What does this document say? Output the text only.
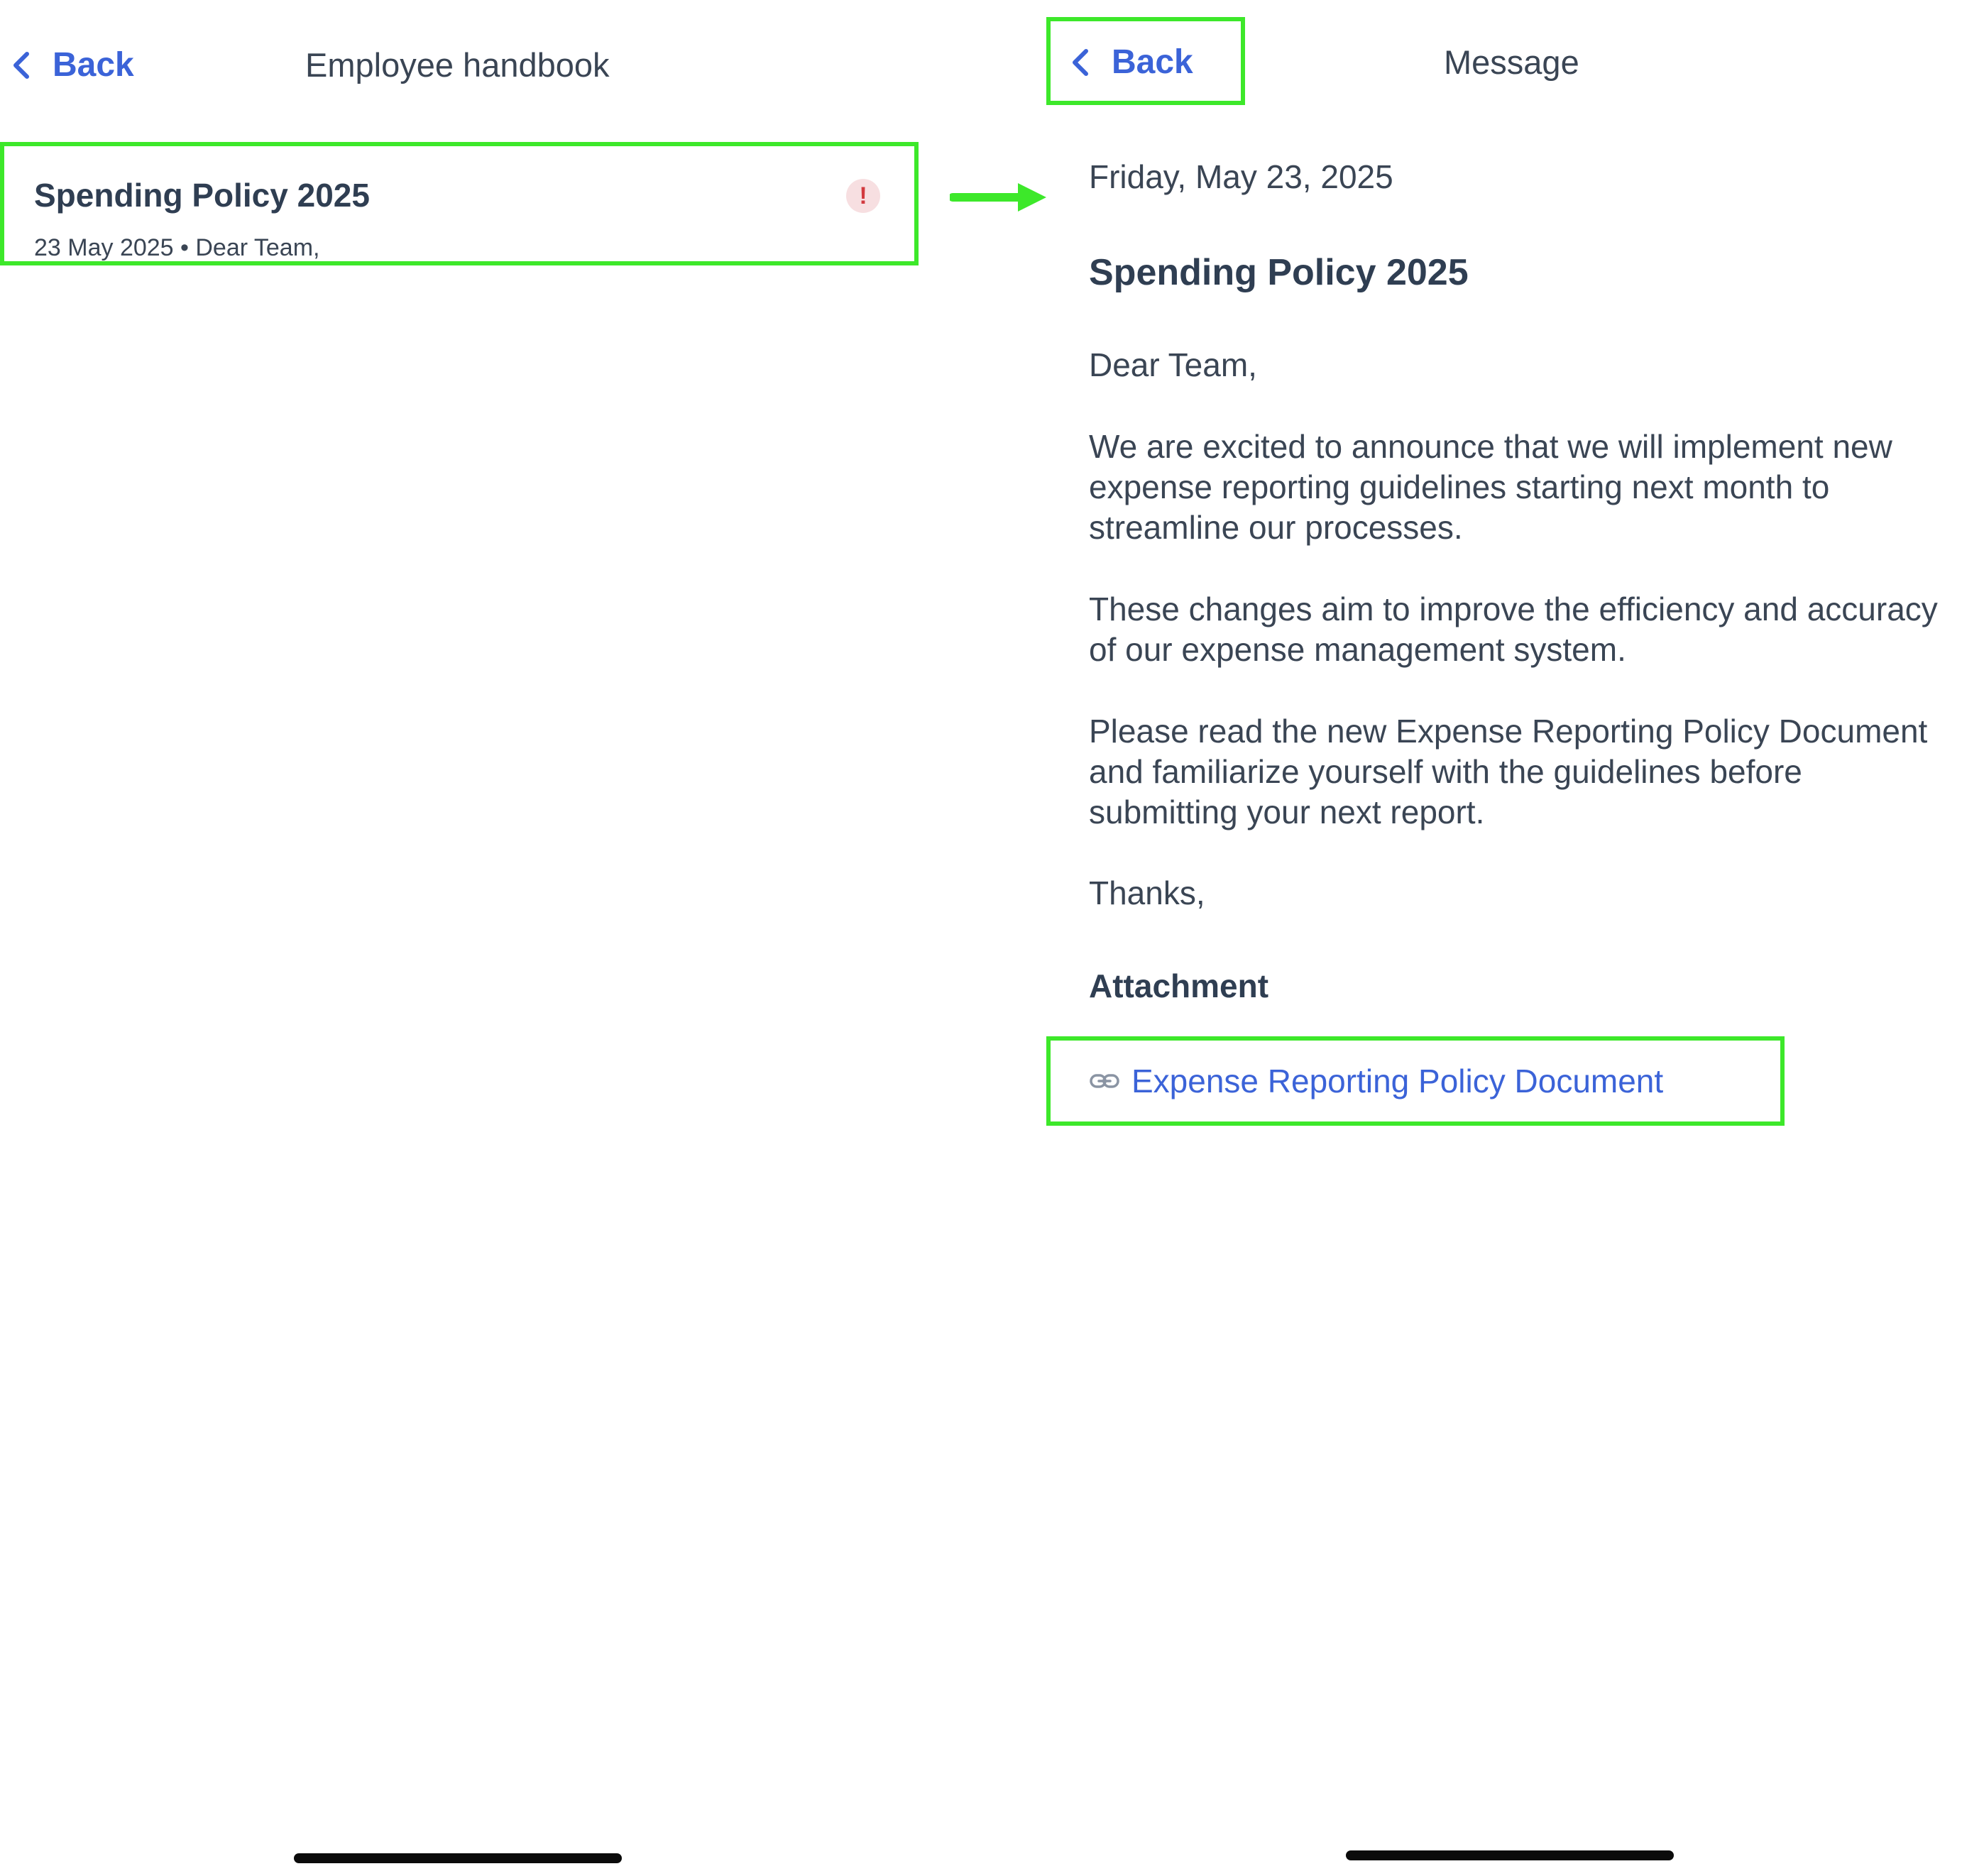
Back	Employee handbook
Spending Policy 2025
23 May 2025 • Dear Team,
!
Back	Message
Friday, May 23, 2025
Spending Policy 2025
Dear Team,
We are excited to announce that we will implement new expense reporting guidelines starting next month to streamline our processes.
These changes aim to improve the efficiency and accuracy of our expense management system.
Please read the new Expense Reporting Policy Document and familiarize yourself with the guidelines before submitting your next report.
Thanks,
Attachment
Expense Reporting Policy Document
